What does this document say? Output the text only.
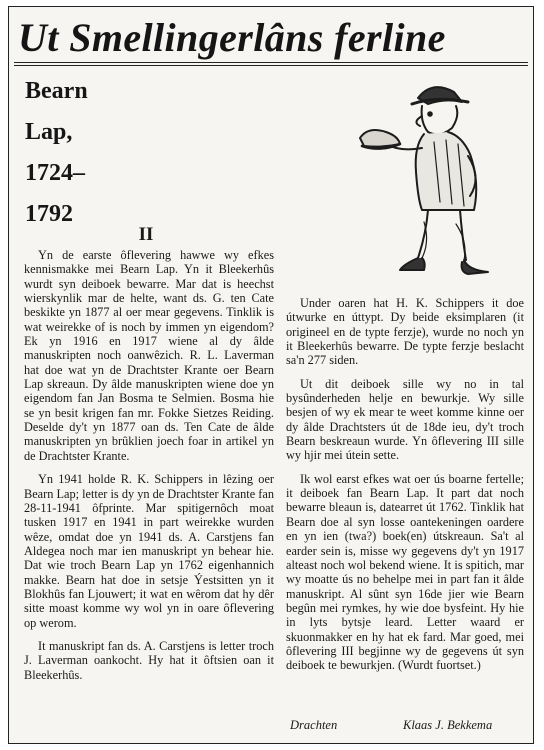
Ut Smellingerlâns ferline
Bearn
Lap,
1724–
1792
II

Yn de earste ôflevering hawwe wy efkes kennismakke mei Bearn Lap. Yn it Bleekerhûs wurdt syn deiboek bewarre. Mar dat is heechst wierskynlik mar de helte, want ds. G. ten Cate beskikte yn 1877 al oer mear gegevens. Tinklik is wat weirekke of is noch by immen yn eigendom? Ek yn 1916 en 1917 wiene al dy âlde manuskripten noch oanwêzich. R. L. Laverman hat doe wat yn de Drachtster Krante oer Bearn Lap skreaun. Dy âlde manuskripten wiene doe yn eigendom fan Jan Bosma te Selmien. Bosma hie se yn besit krigen fan mr. Fokke Sietzes Reiding. Deselde dy't yn 1877 oan ds. Ten Cate de âlde manuskripten yn brûklien joech foar in artikel yn de Drachtster Krante.

Yn 1941 holde R. K. Schippers in lêzing oer Bearn Lap; letter is dy yn de Drachtster Krante fan 28-11-1941 ôfprinte. Mar spitigernôch moat tusken 1917 en 1941 in part weirekke wurden wêze, omdat doe yn 1941 ds. A. Carstjens fan Aldegea noch mar ien manuskript yn behear hie. Dat wie troch Bearn Lap yn 1762 eigenhannich makke. Bearn hat doe in setsje Ýestsitten yn it Blokhûs fan Ljouwert; it wat en wêrom dat hy dêr sitte moast komme wy wol yn in oare ôflevering op werom.

It manuskript fan ds. A. Carstjens is letter troch J. Laverman oankocht. Hy hat it ôftsien oan it Bleekerhûs.

Under oaren hat H. K. Schippers it doe útwurke en úttypt. Dy beide eksimplaren (it origineel en de typte ferzje), wurde no noch yn it Bleekerhûs bewarre. De typte ferzje beslacht sa'n 277 siden.

Ut dit deiboek sille wy no in tal bysûnderheden helje en bewurkje. Wy sille besjen of wy ek mear te weet komme kinne oer dy âlde Drachtsters út de 18de ieu, dy't troch Bearn beskreaun wurde. Yn ôflevering III sille wy hjir mei útein sette.

Ik wol earst efkes wat oer ús boarne fertelle; it deiboek fan Bearn Lap. It part dat noch bewarre bleaun is, datearret út 1762. Tinklik hat Bearn doe al syn losse oantekeningen oardere en yn ien (twa?) boek(en) útskreaun. Sa't al earder sein is, misse wy gegevens dy't yn 1917 alteast noch wol bekend wiene. It is spitich, mar wy moatte ús no behelpe mei in part fan it âlde manuskript. Al sûnt syn 16de jier wie Bearn begûn mei rymkes, hy wie doe bysfeint. Hy hie in lyts bytsje leard. Letter waard er skuonmakker en hy hat ek fard. Mar goed, mei ôflevering III begjinne wy de gegevens út syn deiboek te bewurkjen. (Wurdt fuortset.)

Drachten	Klaas J. Bekkema
